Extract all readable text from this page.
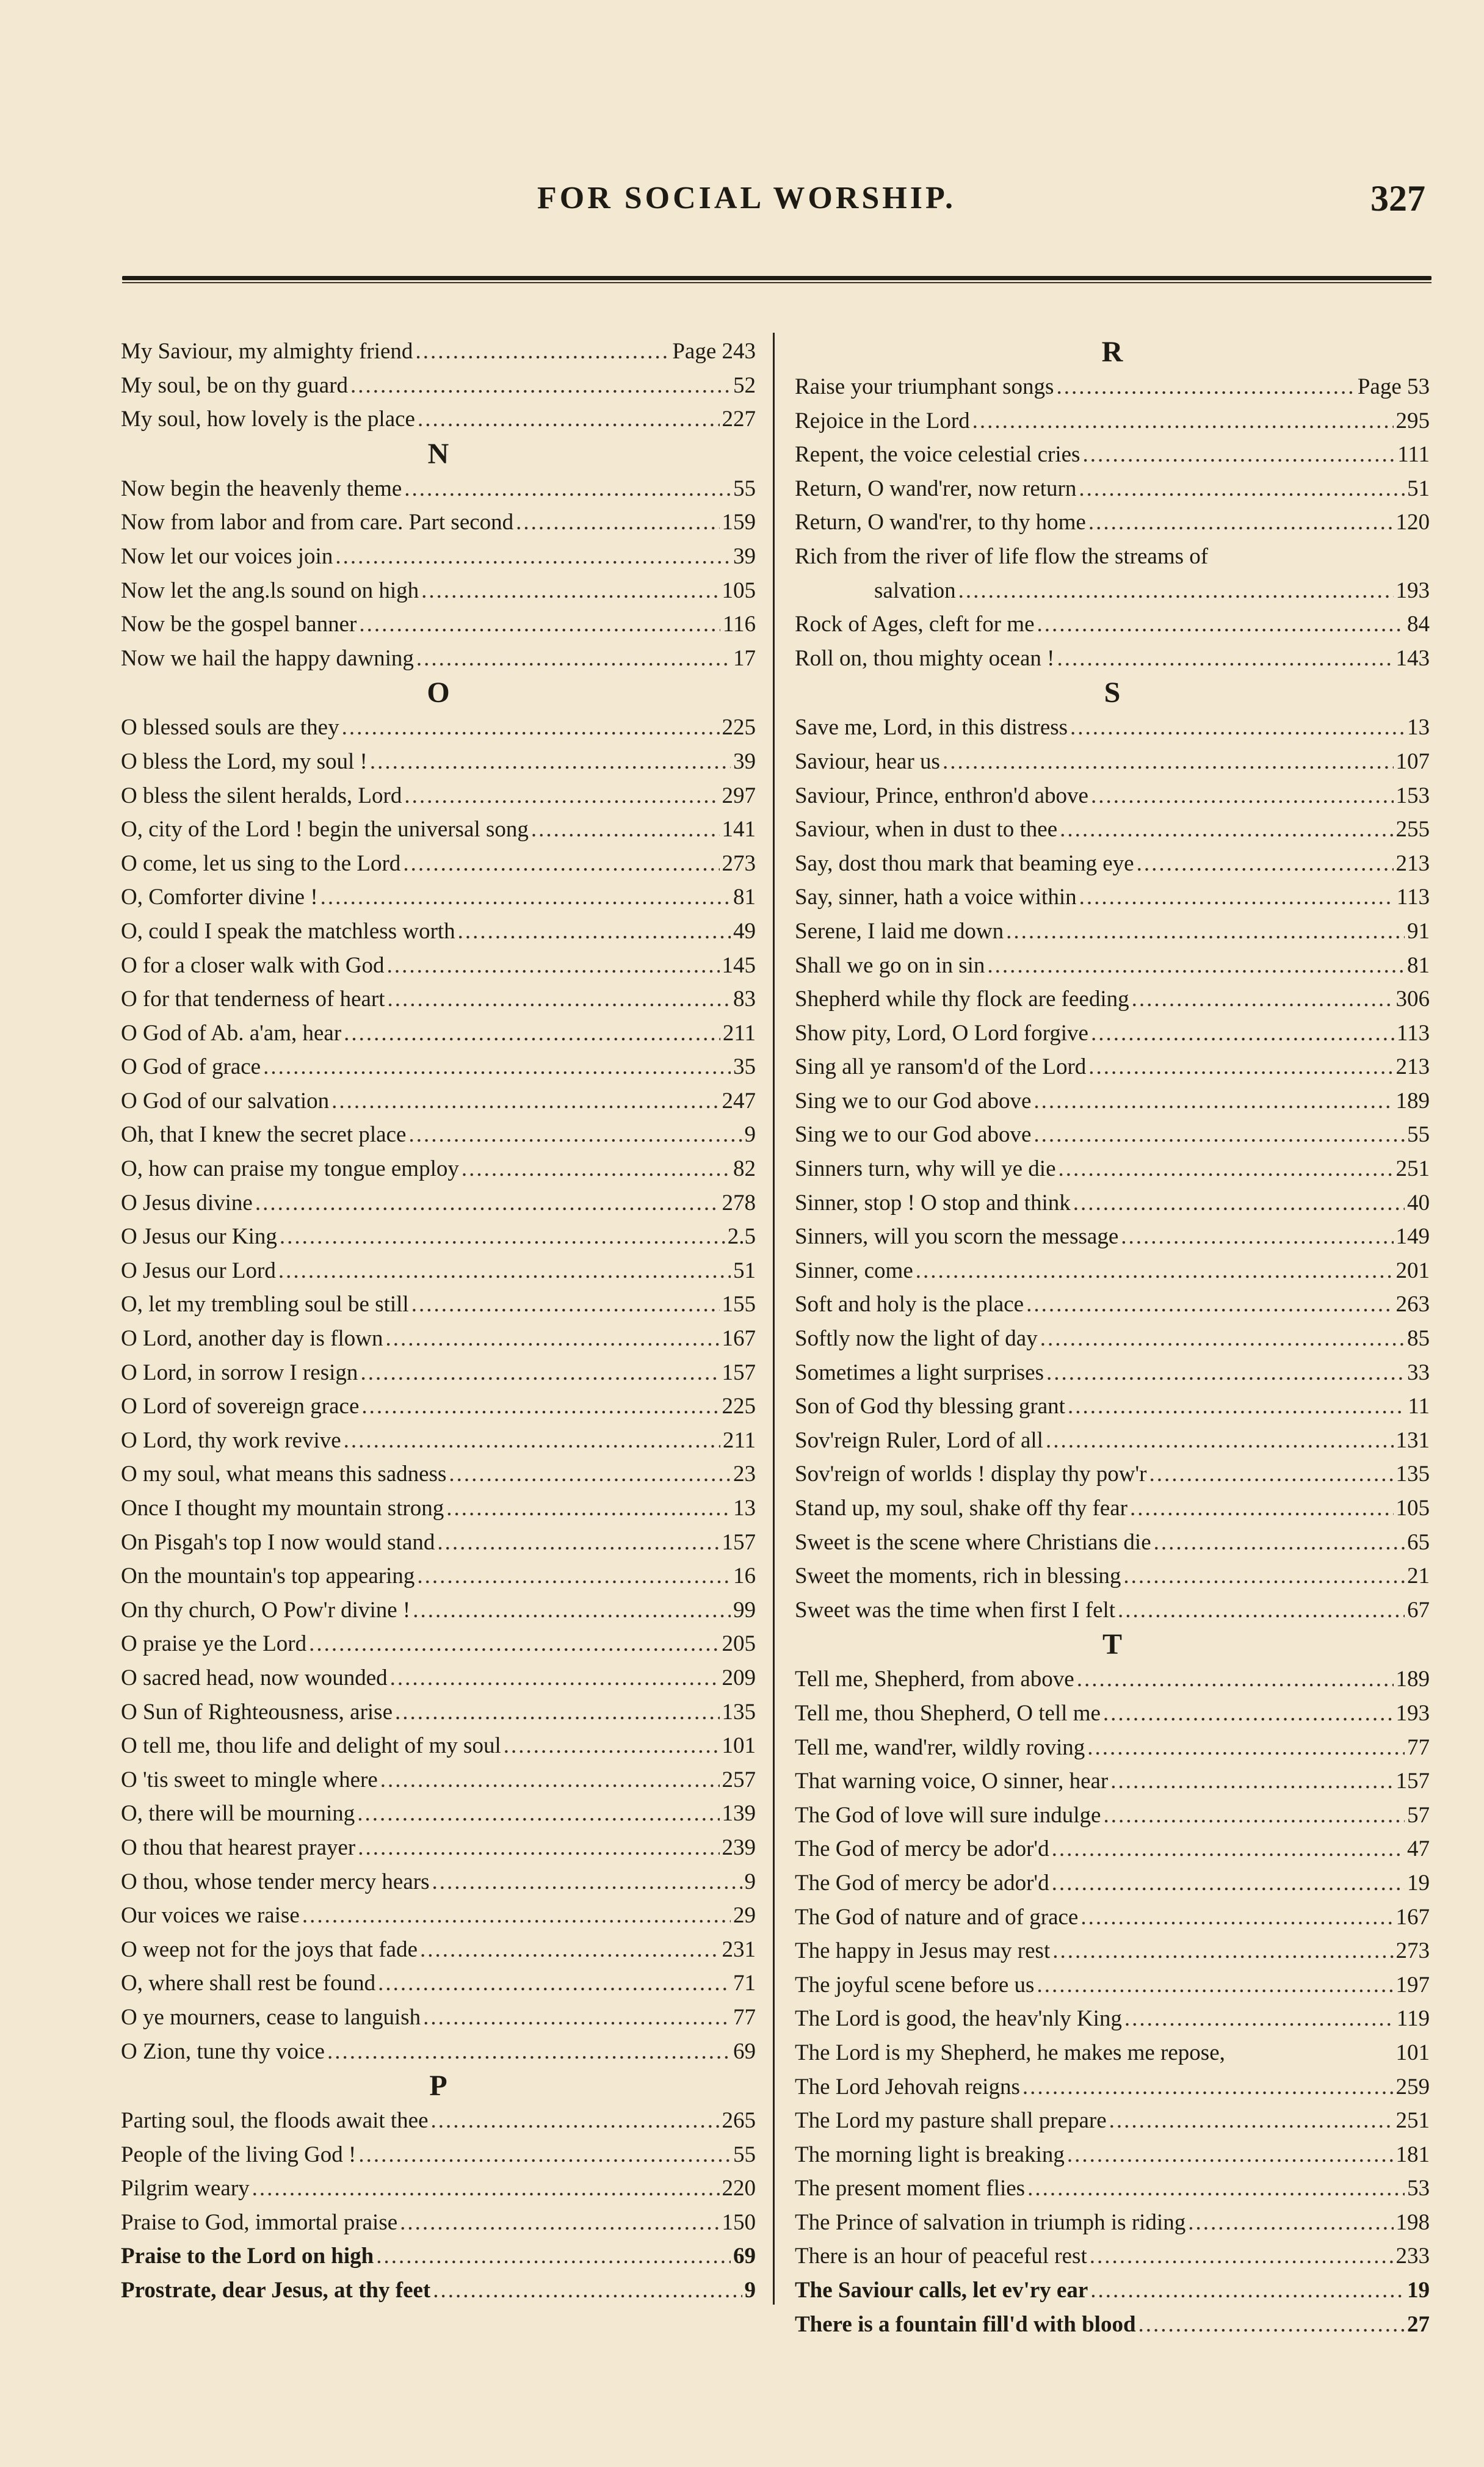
FOR SOCIAL WORSHIP.	327
My Saviour, my almighty friend .....	Page 243
My soul, be on thy guard .....	52
My soul, how lovely is the place .....	227
N
Now begin the heavenly theme .....	55
Now from labor and from care. Part second .....	159
Now let our voices join .....	39
Now let the ang.ls sound on high .....	105
Now be the gospel banner .....	116
Now we hail the happy dawning .....	17
O
O blessed souls are they .....	225
O bless the Lord, my soul ! .....	39
O bless the silent heralds, Lord .....	297
O, city of the Lord ! begin the universal song .....	141
O come, let us sing to the Lord .....	273
O, Comforter divine ! .....	81
O, could I speak the matchless worth .....	49
O for a closer walk with God .....	145
O for that tenderness of heart .....	83
O God of Ab. a'am, hear .....	211
O God of grace .....	35
O God of our salvation .....	247
Oh, that I knew the secret place .....	9
O, how can praise my tongue employ .....	82
O Jesus divine .....	278
O Jesus our King .....	2.5
O Jesus our Lord .....	51
O, let my trembling soul be still .....	155
O Lord, another day is flown .....	167
O Lord, in sorrow I resign .....	157
O Lord of sovereign grace .....	225
O Lord, thy work revive .....	211
O my soul, what means this sadness .....	23
Once I thought my mountain strong .....	13
On Pisgah's top I now would stand .....	157
On the mountain's top appearing .....	16
On thy church, O Pow'r divine ! .....	99
O praise ye the Lord .....	205
O sacred head, now wounded .....	209
O Sun of Righteousness, arise .....	135
O tell me, thou life and delight of my soul .....	101
O 'tis sweet to mingle where .....	257
O, there will be mourning .....	139
O thou that hearest prayer .....	239
O thou, whose tender mercy hears .....	9
Our voices we raise .....	29
O weep not for the joys that fade .....	231
O, where shall rest be found .....	71
O ye mourners, cease to languish .....	77
O Zion, tune thy voice .....	69
P
Parting soul, the floods await thee .....	265
People of the living God ! .....	55
Pilgrim weary .....	220
Praise to God, immortal praise .....	150
Praise to the Lord on high .....	69
Prostrate, dear Jesus, at thy feet .....	9
R
Raise your triumphant songs .....	Page 53
Rejoice in the Lord .....	295
Repent, the voice celestial cries .....	111
Return, O wand'rer, now return .....	51
Return, O wand'rer, to thy home .....	120
Rich from the river of life flow the streams of
salvation .....	193
Rock of Ages, cleft for me .....	84
Roll on, thou mighty ocean ! .....	143
S
Save me, Lord, in this distress .....	13
Saviour, hear us .....	107
Saviour, Prince, enthron'd above .....	153
Saviour, when in dust to thee .....	255
Say, dost thou mark that beaming eye .....	213
Say, sinner, hath a voice within .....	113
Serene, I laid me down .....	91
Shall we go on in sin .....	81
Shepherd while thy flock are feeding .....	306
Show pity, Lord, O Lord forgive .....	113
Sing all ye ransom'd of the Lord .....	213
Sing we to our God above .....	189
Sing we to our God above .....	55
Sinners turn, why will ye die .....	251
Sinner, stop ! O stop and think .....	40
Sinners, will you scorn the message .....	149
Sinner, come .....	201
Soft and holy is the place .....	263
Softly now the light of day .....	85
Sometimes a light surprises .....	33
Son of God thy blessing grant .....	11
Sov'reign Ruler, Lord of all .....	131
Sov'reign of worlds ! display thy pow'r .....	135
Stand up, my soul, shake off thy fear .....	105
Sweet is the scene where Christians die .....	65
Sweet the moments, rich in blessing .....	21
Sweet was the time when first I felt .....	67
T
Tell me, Shepherd, from above .....	189
Tell me, thou Shepherd, O tell me .....	193
Tell me, wand'rer, wildly roving .....	77
That warning voice, O sinner, hear .....	157
The God of love will sure indulge .....	57
The God of mercy be ador'd .....	47
The God of mercy be ador'd .....	19
The God of nature and of grace .....	167
The happy in Jesus may rest .....	273
The joyful scene before us .....	197
The Lord is good, the heav'nly King .....	119
The Lord is my Shepherd, he makes me repose,	101
The Lord Jehovah reigns .....	259
The Lord my pasture shall prepare .....	251
The morning light is breaking .....	181
The present moment flies .....	53
The Prince of salvation in triumph is riding .....	198
There is an hour of peaceful rest .....	233
The Saviour calls, let ev'ry ear .....	19
There is a fountain fill'd with blood .....	27
